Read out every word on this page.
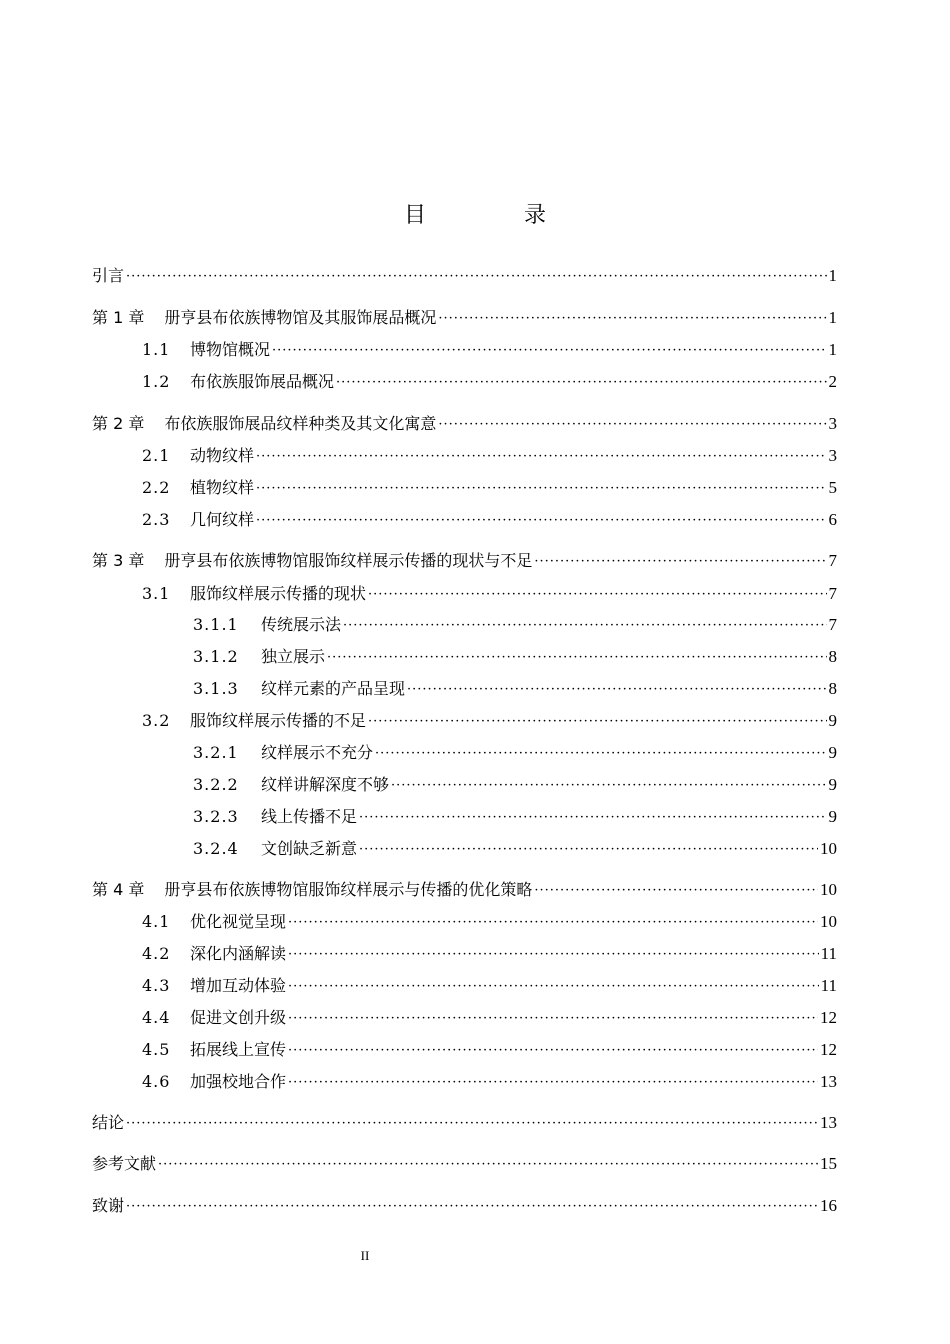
目　录
引言 ·····	1
第 1 章 册亨县布依族博物馆及其服饰展品概况 ·····	1
1.1	博物馆概况 ·····	1
1.2	布依族服饰展品概况 ·····	2
第 2 章 布依族服饰展品纹样种类及其文化寓意 ·····	3
2.1	动物纹样 ·····	3
2.2	植物纹样 ·····	5
2.3	几何纹样 ·····	6
第 3 章 册亨县布依族博物馆服饰纹样展示传播的现状与不足 ·····	7
3.1	服饰纹样展示传播的现状 ·····	7
3.1.1	传统展示法 ·····	7
3.1.2	独立展示 ·····	8
3.1.3	纹样元素的产品呈现 ·····	8
3.2	服饰纹样展示传播的不足 ·····	9
3.2.1	纹样展示不充分 ·····	9
3.2.2	纹样讲解深度不够 ·····	9
3.2.3	线上传播不足 ·····	9
3.2.4	文创缺乏新意 ·····	10
第 4 章 册亨县布依族博物馆服饰纹样展示与传播的优化策略 ·····	10
4.1	优化视觉呈现 ·····	10
4.2	深化内涵解读 ·····	11
4.3	增加互动体验 ·····	11
4.4	促进文创升级 ·····	12
4.5	拓展线上宣传 ·····	12
4.6	加强校地合作 ·····	13
结论 ·····	13
参考文献 ·····	15
致谢 ·····	16
II
